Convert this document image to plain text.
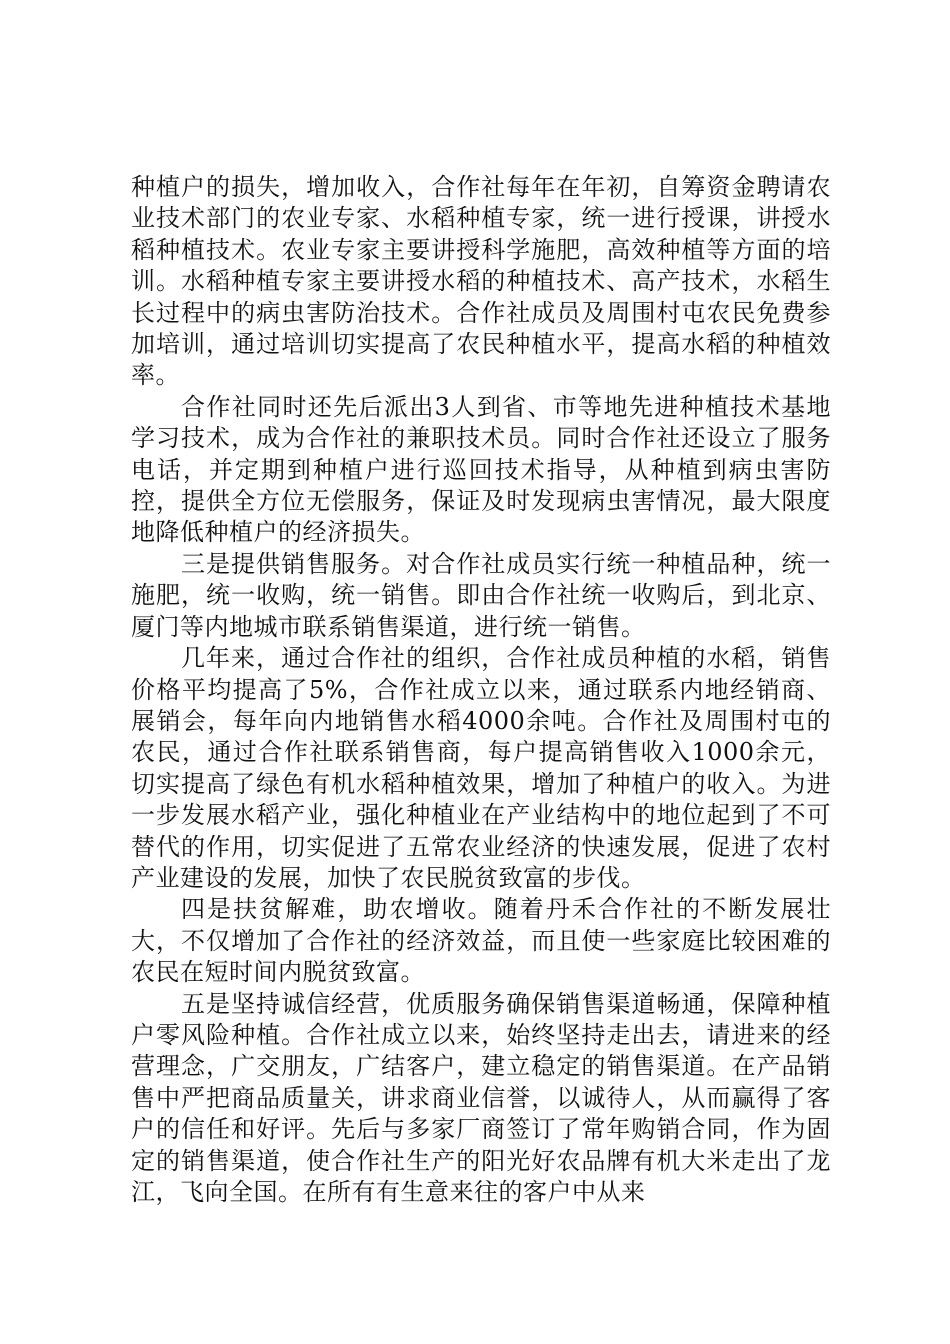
种植户的损失，增加收入，合作社每年在年初，自筹资金聘请农业技术部门的农业专家、水稻种植专家，统一进行授课，讲授水稻种植技术。农业专家主要讲授科学施肥，高效种植等方面的培训。水稻种植专家主要讲授水稻的种植技术、高产技术，水稻生长过程中的病虫害防治技术。合作社成员及周围村屯农民免费参加培训，通过培训切实提高了农民种植水平，提高水稻的种植效率。

合作社同时还先后派出3人到省、市等地先进种植技术基地学习技术，成为合作社的兼职技术员。同时合作社还设立了服务电话，并定期到种植户进行巡回技术指导，从种植到病虫害防控，提供全方位无偿服务，保证及时发现病虫害情况，最大限度地降低种植户的经济损失。

三是提供销售服务。对合作社成员实行统一种植品种，统一施肥，统一收购，统一销售。即由合作社统一收购后，到北京、厦门等内地城市联系销售渠道，进行统一销售。

几年来，通过合作社的组织，合作社成员种植的水稻，销售价格平均提高了5%，合作社成立以来，通过联系内地经销商、展销会，每年向内地销售水稻4000余吨。合作社及周围村屯的农民，通过合作社联系销售商，每户提高销售收入1000余元，切实提高了绿色有机水稻种植效果，增加了种植户的收入。为进一步发展水稻产业，强化种植业在产业结构中的地位起到了不可替代的作用，切实促进了五常农业经济的快速发展，促进了农村产业建设的发展，加快了农民脱贫致富的步伐。

四是扶贫解难，助农增收。随着丹禾合作社的不断发展壮大，不仅增加了合作社的经济效益，而且使一些家庭比较困难的农民在短时间内脱贫致富。

五是坚持诚信经营，优质服务确保销售渠道畅通，保障种植户零风险种植。合作社成立以来，始终坚持走出去，请进来的经营理念，广交朋友，广结客户，建立稳定的销售渠道。在产品销售中严把商品质量关，讲求商业信誉，以诚待人，从而赢得了客户的信任和好评。先后与多家厂商签订了常年购销合同，作为固定的销售渠道，使合作社生产的阳光好农品牌有机大米走出了龙江，飞向全国。在所有有生意来往的客户中从来
